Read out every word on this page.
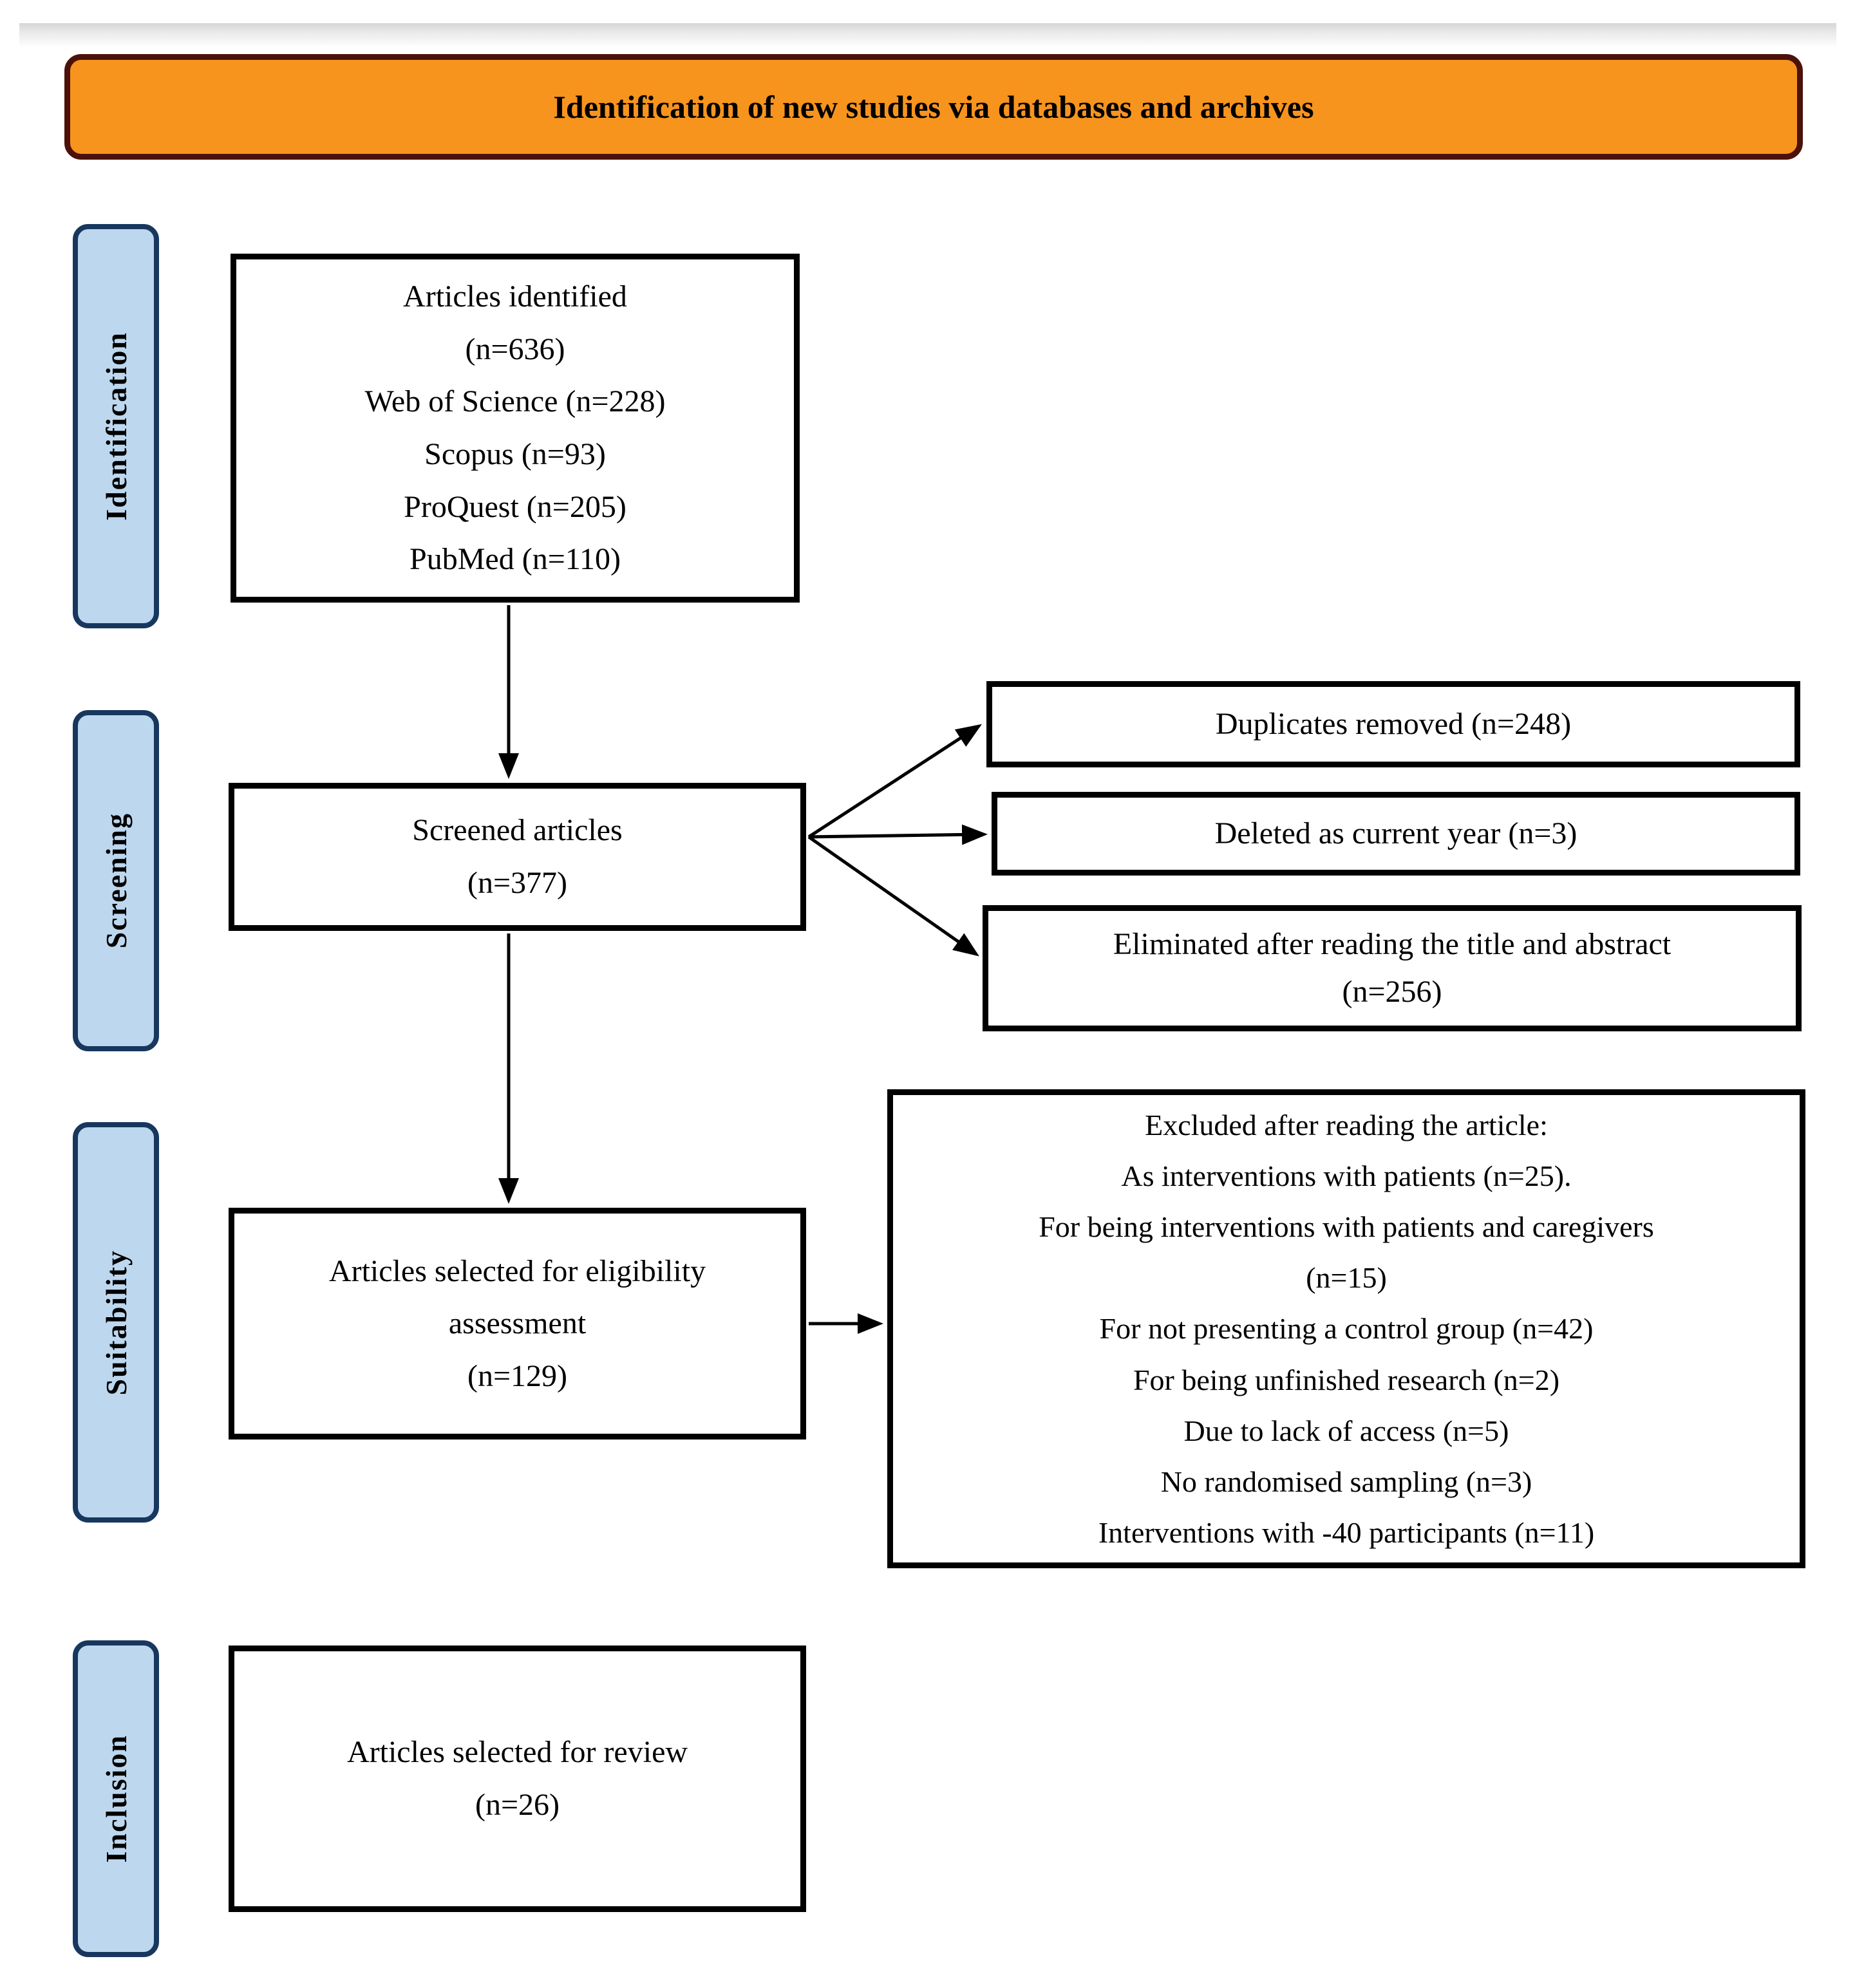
Identification of new studies via databases and archives
Identification
Screening
Suitability
Inclusion
Articles identified
(n=636)
Web of Science (n=228)
Scopus (n=93)
ProQuest (n=205)
PubMed (n=110)
Screened articles
(n=377)
Articles selected for eligibility
assessment
(n=129)
Articles selected for review
(n=26)
Duplicates removed (n=248)
Deleted as current year (n=3)
Eliminated after reading the title and abstract
(n=256)
Excluded after reading the article:
As interventions with patients (n=25).
For being interventions with patients and caregivers
(n=15)
For not presenting a control group (n=42)
For being unfinished research (n=2)
Due to lack of access (n=5)
No randomised sampling (n=3)
Interventions with -40 participants (n=11)
